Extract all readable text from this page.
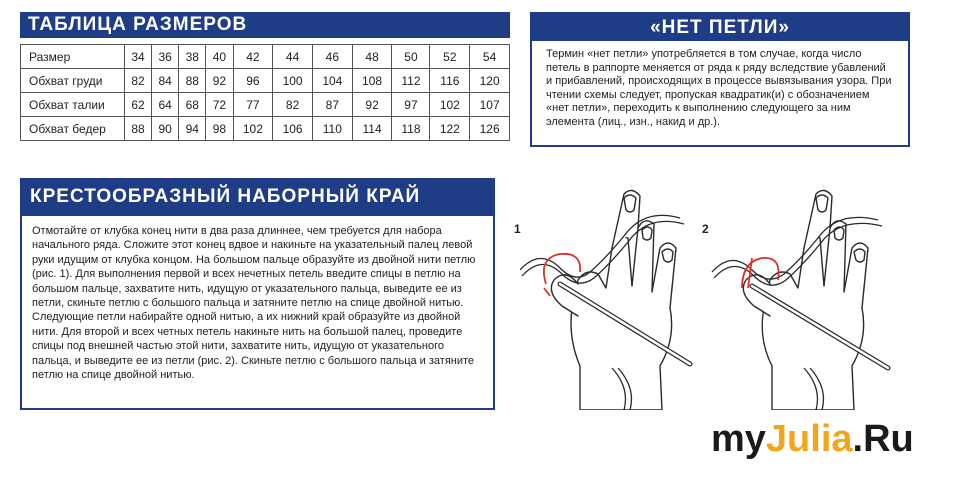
ТАБЛИЦА РАЗМЕРОВ
Размер	34	36	38	40	42	44	46	48	50	52	54
Обхват груди	82	84	88	92	96	100	104	108	112	116	120
Обхват талии	62	64	68	72	77	82	87	92	97	102	107
Обхват бедер	88	90	94	98	102	106	110	114	118	122	126
«НЕТ ПЕТЛИ»
Термин «нет петли» употребляется в том случае, когда число петель в раппорте меняется от ряда к ряду вследствие убавлений и прибавлений, происходящих в процессе вывязывания узора. При чтении схемы следует, пропуская квадратик(и) с обозначением «нет петли», переходить к выполнению следующего за ним элемента (лиц., изн., накид и др.).
КРЕСТООБРАЗНЫЙ НАБОРНЫЙ КРАЙ
Отмотайте от клубка конец нити в два раза длиннее, чем требуется для набора начального ряда. Сложите этот конец вдвое и накиньте на указательный палец левой руки идущим от клубка концом. На большом пальце образуйте из двойной нити петлю (рис. 1). Для выполнения первой и всех нечетных петель введите спицы в петлю на большом пальце, захватите нить, идущую от указательного пальца, выведите ее из петли, скиньте петлю с большого пальца и затяните петлю на спице двойной нитью. Следующие петли набирайте одной нитью, а их нижний край образуйте из двойной нити. Для второй и всех четных петель накиньте нить на большой палец, проведите спицы под внешней частью этой нити, захватите нить, идущую от указательного пальца, и выведите ее из петли (рис. 2). Скиньте петлю с большого пальца и затяните петлю на спице двойной нитью.
1	2
myJulia.Ru
